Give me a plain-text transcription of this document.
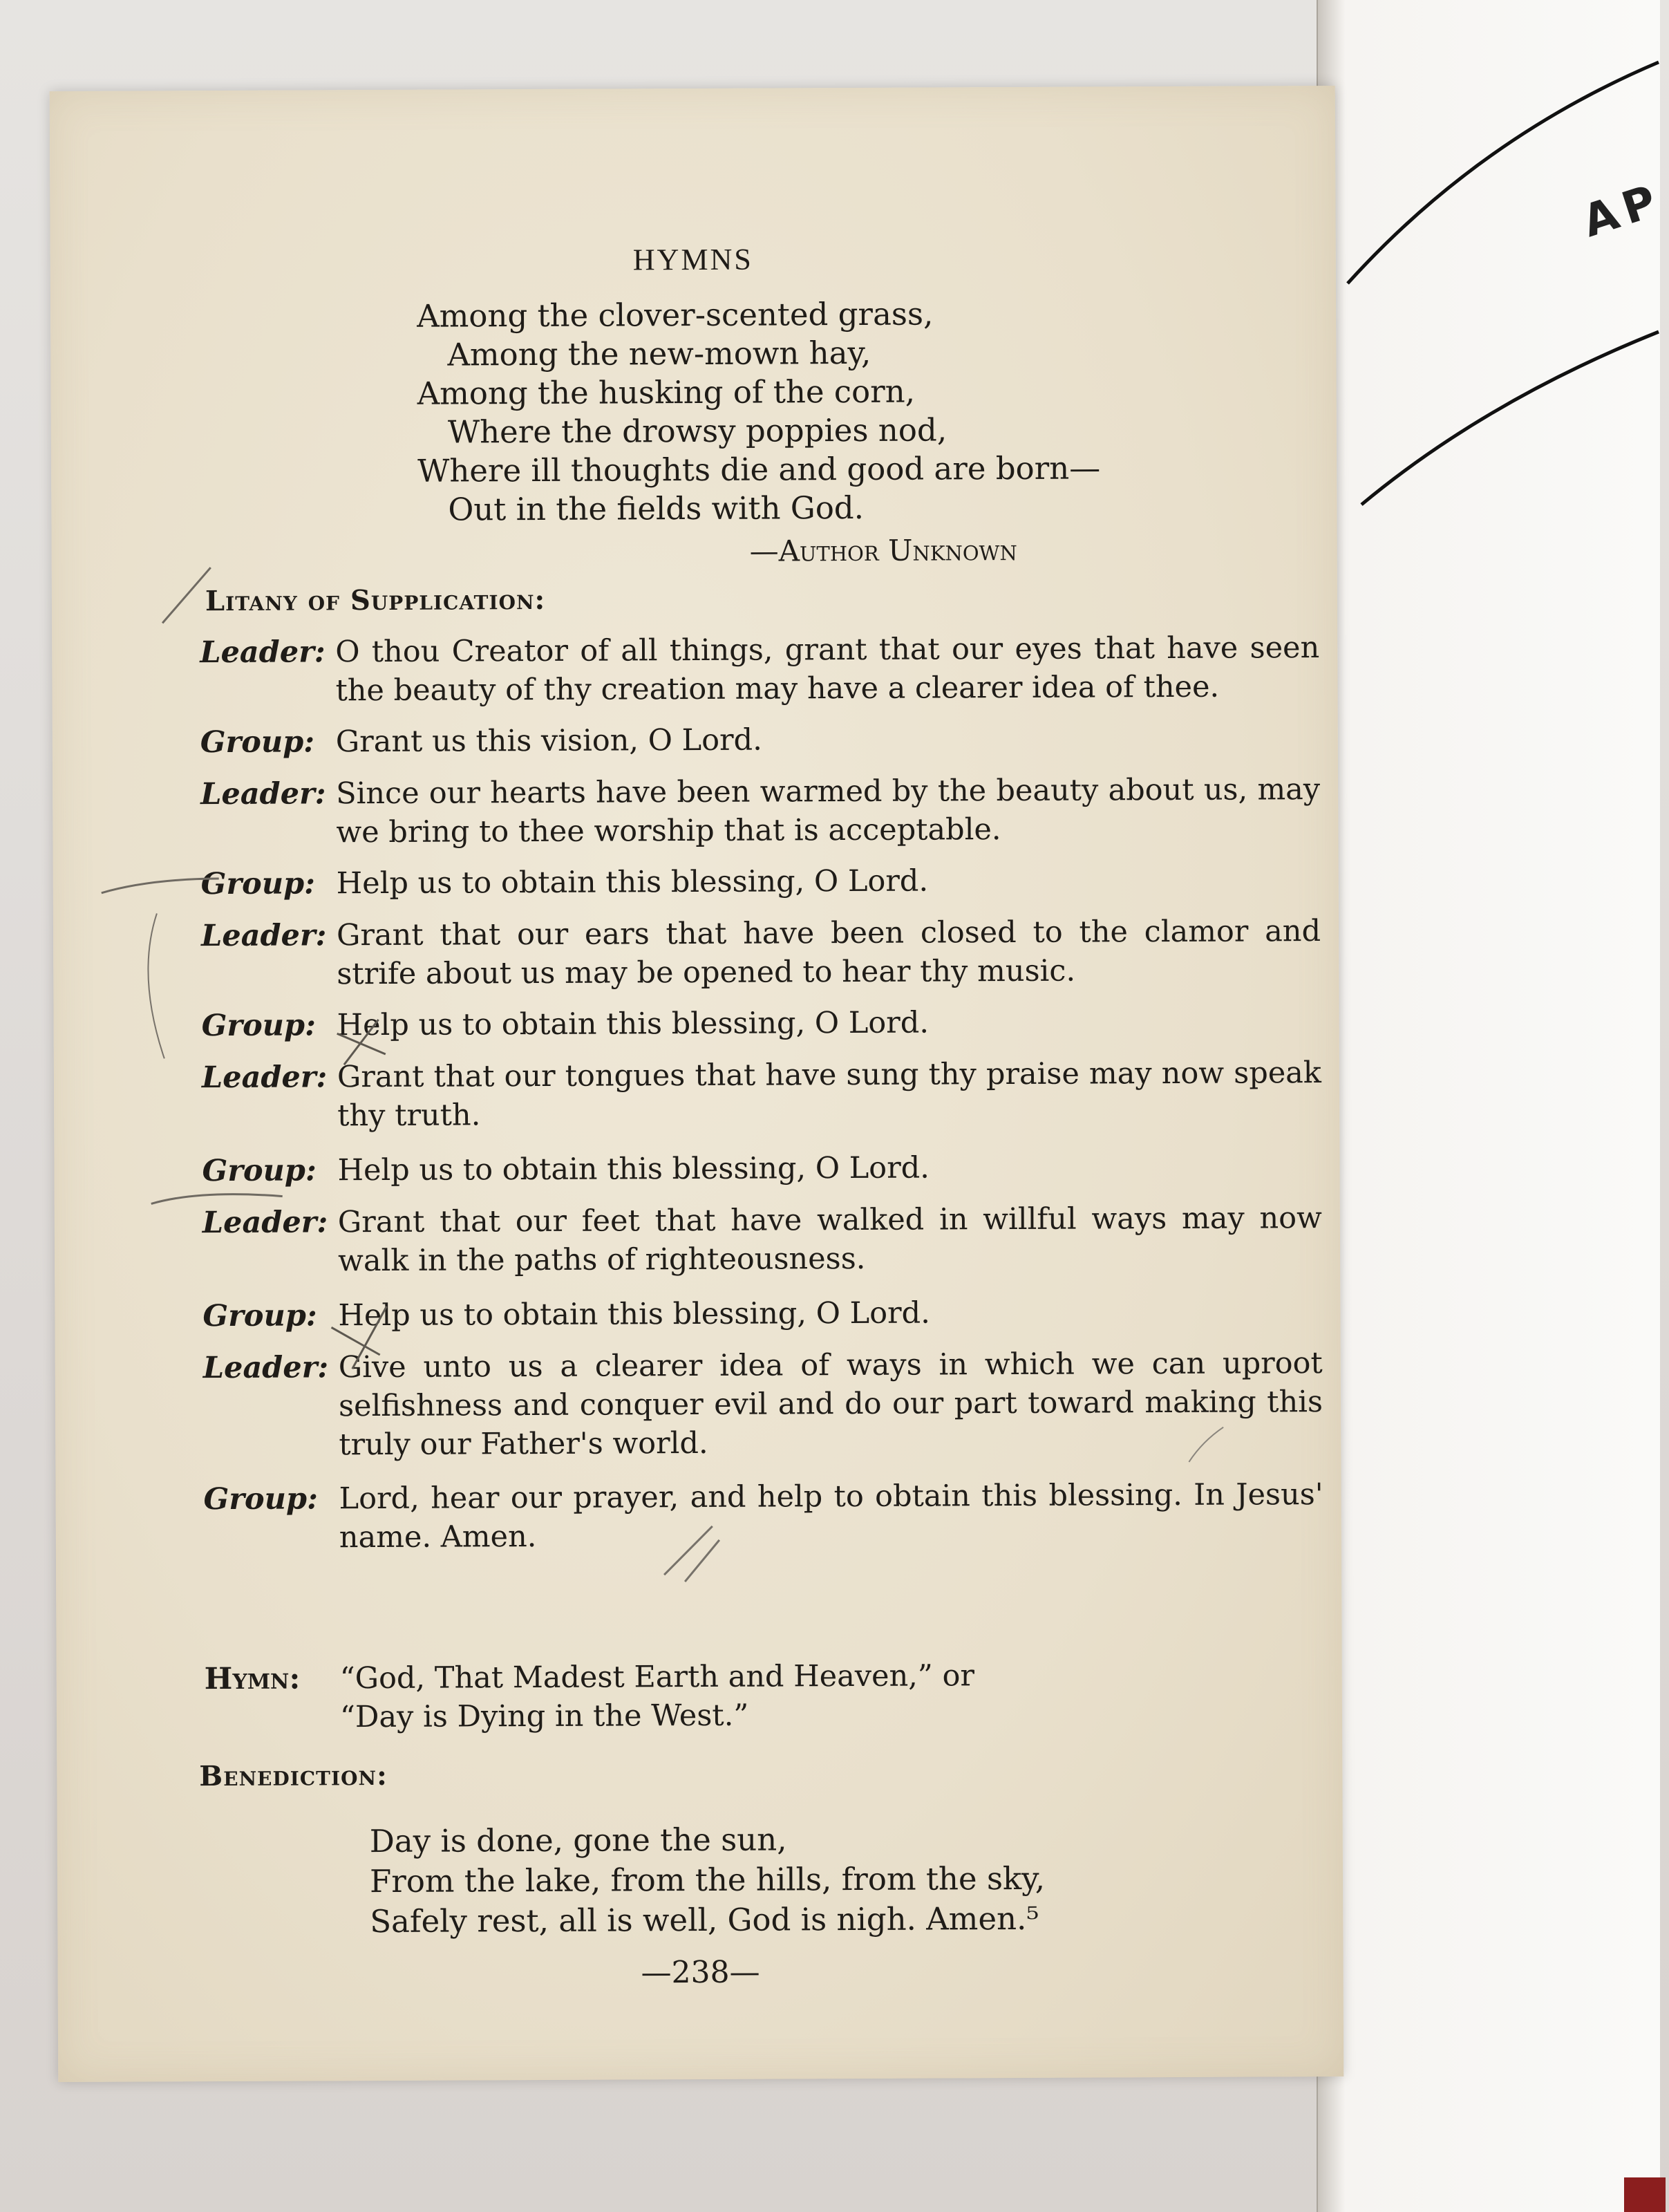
AP
HYMNS
Among the clover-scented grass,
Among the new-mown hay,
Among the husking of the corn,
Where the drowsy poppies nod,
Where ill thoughts die and good are born—
Out in the fields with God.
—Author Unknown
Litany of Supplication:
Leader: O thou Creator of all things, grant that our eyes that have seen the beauty of thy creation may have a clearer idea of thee.
Group: Grant us this vision, O Lord.
Leader: Since our hearts have been warmed by the beauty about us, may we bring to thee worship that is acceptable.
Group: Help us to obtain this blessing, O Lord.
Leader: Grant that our ears that have been closed to the clamor and strife about us may be opened to hear thy music.
Group: Help us to obtain this blessing, O Lord.
Leader: Grant that our tongues that have sung thy praise may now speak thy truth.
Group: Help us to obtain this blessing, O Lord.
Leader: Grant that our feet that have walked in willful ways may now walk in the paths of righteousness.
Group: Help us to obtain this blessing, O Lord.
Leader: Give unto us a clearer idea of ways in which we can uproot selfishness and conquer evil and do our part toward making this truly our Father's world.
Group: Lord, hear our prayer, and help to obtain this blessing. In Jesus' name. Amen.
Hymn: “God, That Madest Earth and Heaven,” or
“Day is Dying in the West.”
Benediction:
Day is done, gone the sun,
From the lake, from the hills, from the sky,
Safely rest, all is well, God is nigh. Amen.⁵
—238—
